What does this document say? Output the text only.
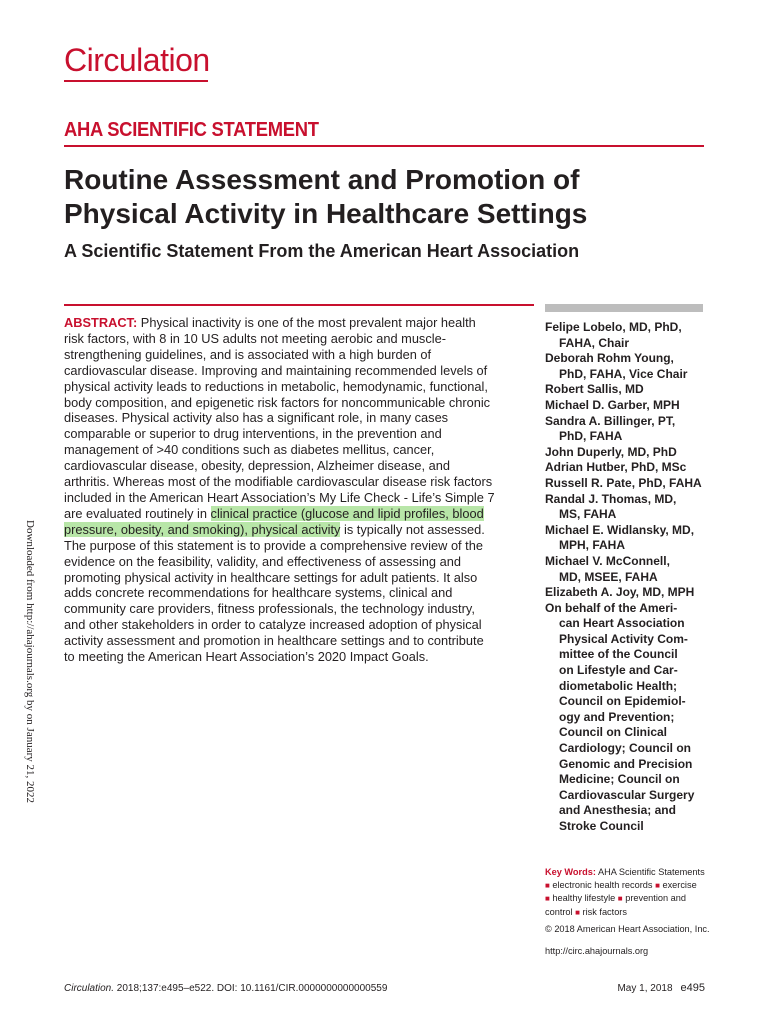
Circulation
AHA SCIENTIFIC STATEMENT
Routine Assessment and Promotion of
Physical Activity in Healthcare Settings
A Scientific Statement From the American Heart Association

ABSTRACT: Physical inactivity is one of the most prevalent major health risk factors, with 8 in 10 US adults not meeting aerobic and muscle-strengthening guidelines, and is associated with a high burden of cardiovascular disease. Improving and maintaining recommended levels of physical activity leads to reductions in metabolic, hemodynamic, functional, body composition, and epigenetic risk factors for noncommunicable chronic diseases. Physical activity also has a significant role, in many cases comparable or superior to drug interventions, in the prevention and management of >40 conditions such as diabetes mellitus, cancer, cardiovascular disease, obesity, depression, Alzheimer disease, and arthritis. Whereas most of the modifiable cardiovascular disease risk factors included in the American Heart Association’s My Life Check - Life’s Simple 7 are evaluated routinely in clinical practice (glucose and lipid profiles, blood pressure, obesity, and smoking), physical activity is typically not assessed. The purpose of this statement is to provide a comprehensive review of the evidence on the feasibility, validity, and effectiveness of assessing and promoting physical activity in healthcare settings for adult patients. It also adds concrete recommendations for healthcare systems, clinical and community care providers, fitness professionals, the technology industry, and other stakeholders in order to catalyze increased adoption of physical activity assessment and promotion in healthcare settings and to contribute to meeting the American Heart Association’s 2020 Impact Goals.

Felipe Lobelo, MD, PhD,
FAHA, Chair
Deborah Rohm Young,
PhD, FAHA, Vice Chair
Robert Sallis, MD
Michael D. Garber, MPH
Sandra A. Billinger, PT,
PhD, FAHA
John Duperly, MD, PhD
Adrian Hutber, PhD, MSc
Russell R. Pate, PhD, FAHA
Randal J. Thomas, MD,
MS, FAHA
Michael E. Widlansky, MD,
MPH, FAHA
Michael V. McConnell,
MD, MSEE, FAHA
Elizabeth A. Joy, MD, MPH
On behalf of the Ameri-
can Heart Association
Physical Activity Com-
mittee of the Council
on Lifestyle and Car-
diometabolic Health;
Council on Epidemiol-
ogy and Prevention;
Council on Clinical
Cardiology; Council on
Genomic and Precision
Medicine; Council on
Cardiovascular Surgery
and Anesthesia; and
Stroke Council
Key Words: AHA Scientific Statements
■ electronic health records ■ exercise
■ healthy lifestyle ■ prevention and control ■ risk factors
© 2018 American Heart Association, Inc.
http://circ.ahajournals.org
Downloaded from http://ahajournals.org by on January 21, 2022
Circulation. 2018;137:e495–e522. DOI: 10.1161/CIR.0000000000000559	May 1, 2018 e495
